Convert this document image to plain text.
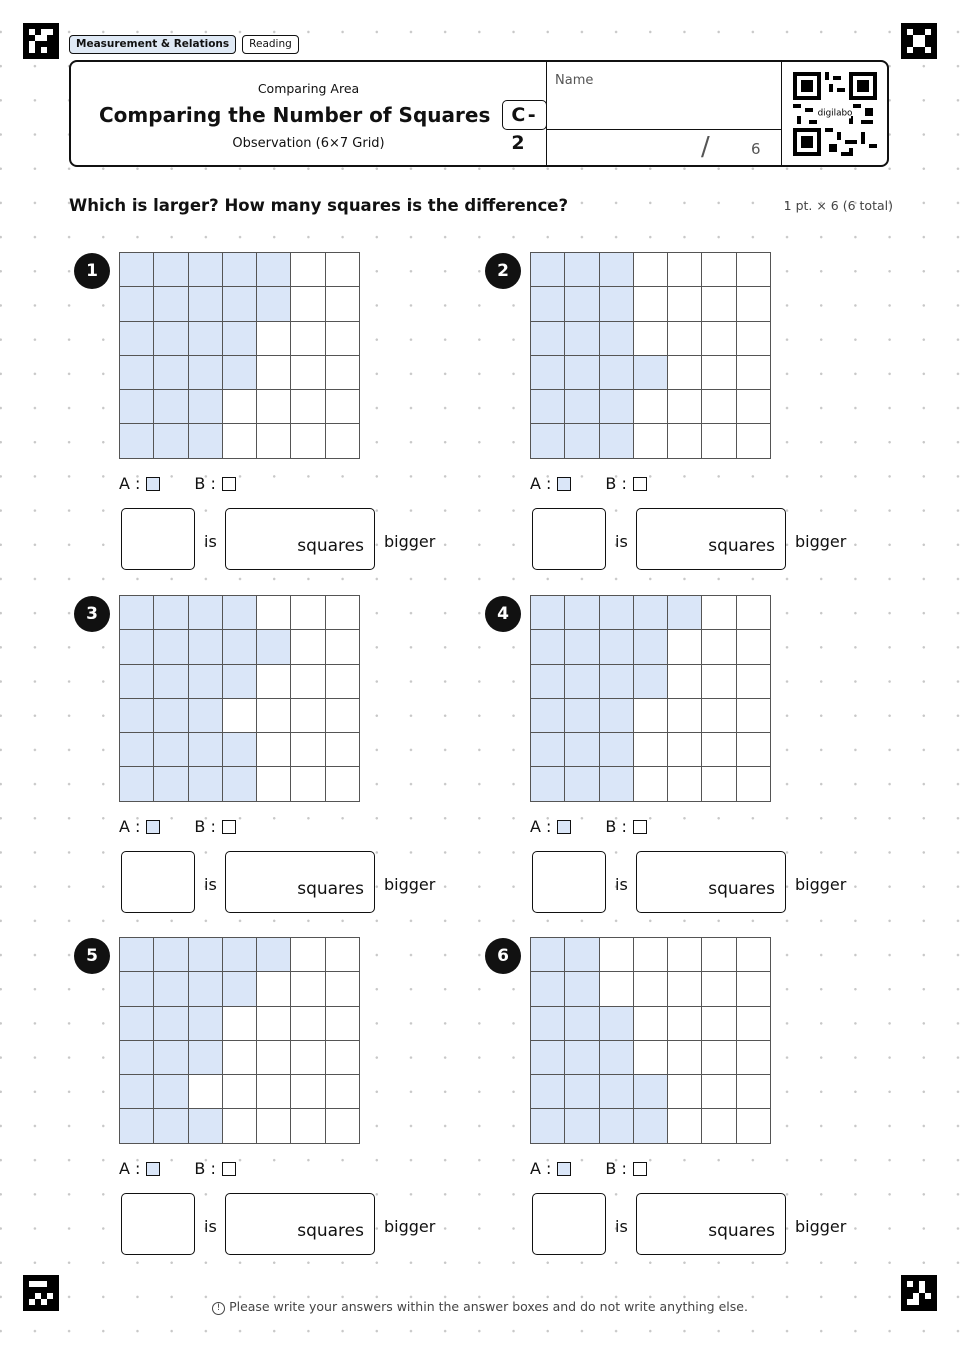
Measurement & Relations	Reading
Comparing Area
Comparing the Number of Squares	C-2
Observation (6×7 Grid)
Name
/	6
digilabo
Which is larger? How many squares is the difference?	1 pt. × 6 (6 total)
1
A :	B :
is	squares bigger
2
A :	B :
is	squares bigger
3
A :	B :
is	squares bigger
4
A :	B :
is	squares bigger
5
A :	B :
is	squares bigger
6
A :	B :
is	squares bigger
! Please write your answers within the answer boxes and do not write anything else.
